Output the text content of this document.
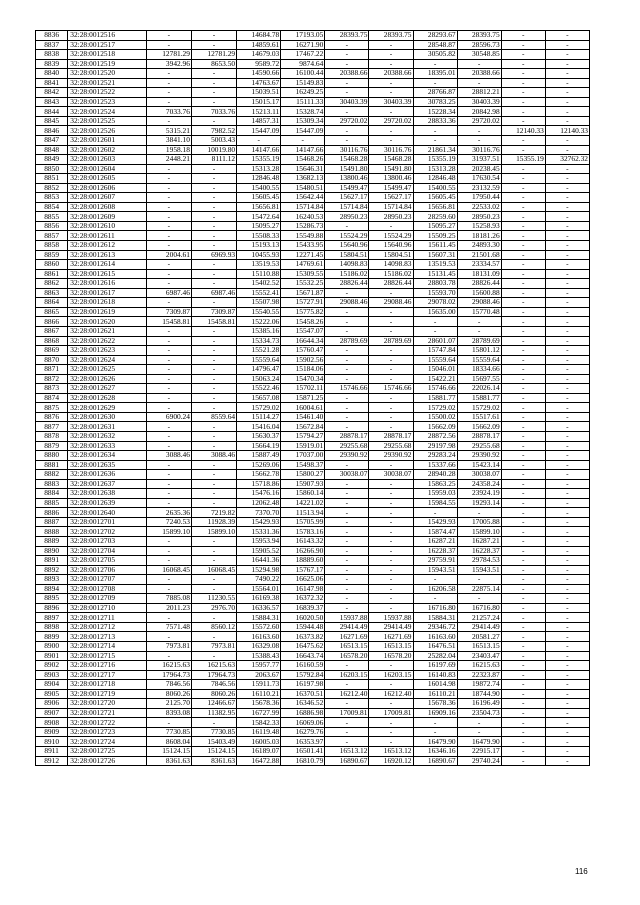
8836	32:28:0012516	-	-	14684.78	17193.05	28393.75	28393.75	28293.67	28393.75	-	-
8837	32:28:0012517	-	-	14859.61	16271.90	-	-	28548.87	28596.73	-	-
8838	32:28:0012518	12781.29	12781.29	14679.03	17467.22	-	-	30505.82	30548.85	-	-
8839	32:28:0012519	3942.96	8653.50	9589.72	9874.64	-	-	-	-	-	-
8840	32:28:0012520	-	-	14590.66	16100.44	20388.66	20388.66	18395.01	20388.66	-	-
8841	32:28:0012521	-	-	14763.67	15149.83	-	-	-	-	-	-
8842	32:28:0012522	-	-	15039.51	16249.25	-	-	28766.87	28812.21	-	-
8843	32:28:0012523	-	-	15015.17	15111.33	30403.39	30403.39	30783.25	30403.39	-	-
8844	32:28:0012524	7033.76	7033.76	15213.11	15328.74	-	-	15228.34	20842.98	-	-
8845	32:28:0012525	-	-	14857.31	15309.34	29720.02	29720.02	28833.36	29720.02	-	-
8846	32:28:0012526	5315.21	7982.52	15447.09	15447.09	-	-	-	-	12140.33	12140.33
8847	32:28:0012601	3841.10	5003.43	-	-	-	-	-	-	-	-
8848	32:28:0012602	1958.18	10019.80	14147.66	14147.66	30116.76	30116.76	21861.34	30116.76	-	-
8849	32:28:0012603	2448.21	8111.12	15355.19	15468.26	15468.28	15468.28	15355.19	31937.51	15355.19	32762.32
8850	32:28:0012604	-	-	15313.28	15646.31	15491.80	15491.80	15313.28	20238.45	-	-
8851	32:28:0012605	-	-	12846.48	13682.13	13800.46	13800.46	12846.48	17630.54	-	-
8852	32:28:0012606	-	-	15400.55	15480.51	15499.47	15499.47	15400.55	23132.59	-	-
8853	32:28:0012607	-	-	15605.45	15642.44	15627.17	15627.17	15605.45	17950.44	-	-
8854	32:28:0012608	-	-	15656.81	15714.84	15714.84	15714.84	15656.81	22533.02	-	-
8855	32:28:0012609	-	-	15472.64	16240.53	28950.23	28950.23	28259.60	28950.23	-	-
8856	32:28:0012610	-	-	15095.27	15286.73	-	-	15095.27	15258.93	-	-
8857	32:28:0012611	-	-	15508.33	15549.88	15524.29	15524.29	15509.25	18181.26	-	-
8858	32:28:0012612	-	-	15193.13	15433.95	15640.96	15640.96	15611.45	24893.30	-	-
8859	32:28:0012613	2004.61	6969.93	10455.93	12271.45	15804.51	15804.51	15607.31	21501.68	-	-
8860	32:28:0012614	-	-	13519.53	14769.61	14098.83	14098.83	13519.53	23334.57	-	-
8861	32:28:0012615	-	-	15110.88	15309.55	15186.02	15186.02	15131.45	18131.09	-	-
8862	32:28:0012616	-	-	15402.52	15532.25	28826.44	28826.44	28803.78	28826.44	-	-
8863	32:28:0012617	6987.46	6987.46	15552.41	15671.87	-	-	15593.70	15600.88	-	-
8864	32:28:0012618	-	-	15507.98	15727.91	29088.46	29088.46	29078.02	29088.46	-	-
8865	32:28:0012619	7309.87	7309.87	15540.55	15775.82	-	-	15635.00	15770.48	-	-
8866	32:28:0012620	15458.81	15458.81	15222.06	15458.26	-	-	-	-	-	-
8867	32:28:0012621	-	-	15385.16	15547.07	-	-	-	-	-	-
8868	32:28:0012622	-	-	15334.73	16644.34	28789.69	28789.69	28601.07	28789.69	-	-
8869	32:28:0012623	-	-	15521.28	15760.47	-	-	15747.84	15801.12	-	-
8870	32:28:0012624	-	-	15559.64	15902.56	-	-	15559.64	15559.64	-	-
8871	32:28:0012625	-	-	14796.47	15184.06	-	-	15046.01	18334.66	-	-
8872	32:28:0012626	-	-	15063.24	15470.34	-	-	15422.21	15697.55	-	-
8873	32:28:0012627	-	-	15522.46	15702.11	15746.66	15746.66	15746.66	22026.14	-	-
8874	32:28:0012628	-	-	15657.08	15871.25	-	-	15881.77	15881.77	-	-
8875	32:28:0012629	-	-	15729.02	16004.61	-	-	15729.02	15729.02	-	-
8876	32:28:0012630	6900.24	8559.64	15114.27	15461.40	-	-	15500.02	15517.61	-	-
8877	32:28:0012631	-	-	15416.04	15672.84	-	-	15662.09	15662.09	-	-
8878	32:28:0012632	-	-	15630.37	15794.27	28878.17	28878.17	28872.56	28878.17	-	-
8879	32:28:0012633	-	-	15664.19	15919.01	29255.68	29255.68	29197.98	29255.68	-	-
8880	32:28:0012634	3088.46	3088.46	15887.49	17037.00	29390.92	29390.92	29283.24	29390.92	-	-
8881	32:28:0012635	-	-	15269.06	15498.37	-	-	15337.66	15423.14	-	-
8882	32:28:0012636	-	-	15662.78	15800.27	30038.07	30038.07	28940.28	30038.07	-	-
8883	32:28:0012637	-	-	15718.86	15907.93	-	-	15863.25	24358.24	-	-
8884	32:28:0012638	-	-	15476.16	15860.14	-	-	15959.03	23924.19	-	-
8885	32:28:0012639	-	-	12062.48	14221.02	-	-	15984.55	19293.14	-	-
8886	32:28:0012640	2635.36	7219.82	7370.70	11513.94	-	-	-	-	-	-
8887	32:28:0012701	7240.53	11928.39	15429.93	15705.99	-	-	15429.93	17005.88	-	-
8888	32:28:0012702	15899.10	15899.10	15331.36	15783.16	-	-	15874.47	15899.10	-	-
8889	32:28:0012703	-	-	15953.94	16143.32	-	-	16287.21	16287.21	-	-
8890	32:28:0012704	-	-	15905.52	16266.90	-	-	16228.37	16228.37	-	-
8891	32:28:0012705	-	-	16441.36	18889.60	-	-	29759.91	29784.53	-	-
8892	32:28:0012706	16068.45	16068.45	15294.98	15767.17	-	-	15943.51	15943.51	-	-
8893	32:28:0012707	-	-	7490.22	16625.06	-	-	-	-	-	-
8894	32:28:0012708	-	-	15564.01	16147.98	-	-	16206.58	22875.14	-	-
8895	32:28:0012709	7885.08	11230.55	16169.38	16372.32	-	-	-	-	-	-
8896	32:28:0012710	2011.23	2976.70	16336.57	16839.37	-	-	16716.80	16716.80	-	-
8897	32:28:0012711	-	-	15884.31	16020.50	15937.88	15937.88	15884.31	21257.24	-	-
8898	32:28:0012712	7571.48	8560.12	15572.60	15944.48	29414.49	29414.49	29346.72	29414.49	-	-
8899	32:28:0012713	-	-	16163.60	16373.82	16271.69	16271.69	16163.60	20581.27	-	-
8900	32:28:0012714	7973.81	7973.81	16329.08	16475.62	16513.15	16513.15	16476.51	16513.15	-	-
8901	32:28:0012715	-	-	15388.43	16643.74	16578.20	16578.20	25282.04	23403.47	-	-
8902	32:28:0012716	16215.63	16215.63	15957.77	16160.59	-	-	16197.69	16215.63	-	-
8903	32:28:0012717	17964.73	17964.73	2063.67	15792.84	16203.15	16203.15	16140.83	22323.87	-	-
8904	32:28:0012718	7846.56	7846.56	15911.73	16197.98	-	-	16014.98	19872.74	-	-
8905	32:28:0012719	8060.26	8060.26	16110.21	16370.51	16212.40	16212.40	16110.21	18744.90	-	-
8906	32:28:0012720	2125.70	12466.67	15678.36	16346.52	-	-	15678.36	16196.49	-	-
8907	32:28:0012721	8393.08	11382.95	16727.99	16886.98	17009.81	17009.81	16909.16	23504.73	-	-
8908	32:28:0012722	-	-	15842.33	16069.06	-	-	-	-	-	-
8909	32:28:0012723	7730.85	7730.85	16119.48	16279.76	-	-	-	-	-	-
8910	32:28:0012724	8608.04	15403.49	16005.03	16353.97	-	-	16479.90	16479.90	-	-
8911	32:28:0012725	15124.15	15124.15	16189.07	16501.41	16513.12	16513.12	16346.16	22915.17	-	-
8912	32:28:0012726	8361.63	8361.63	16472.88	16810.79	16890.67	16920.12	16890.67	29740.24	-	-
116
